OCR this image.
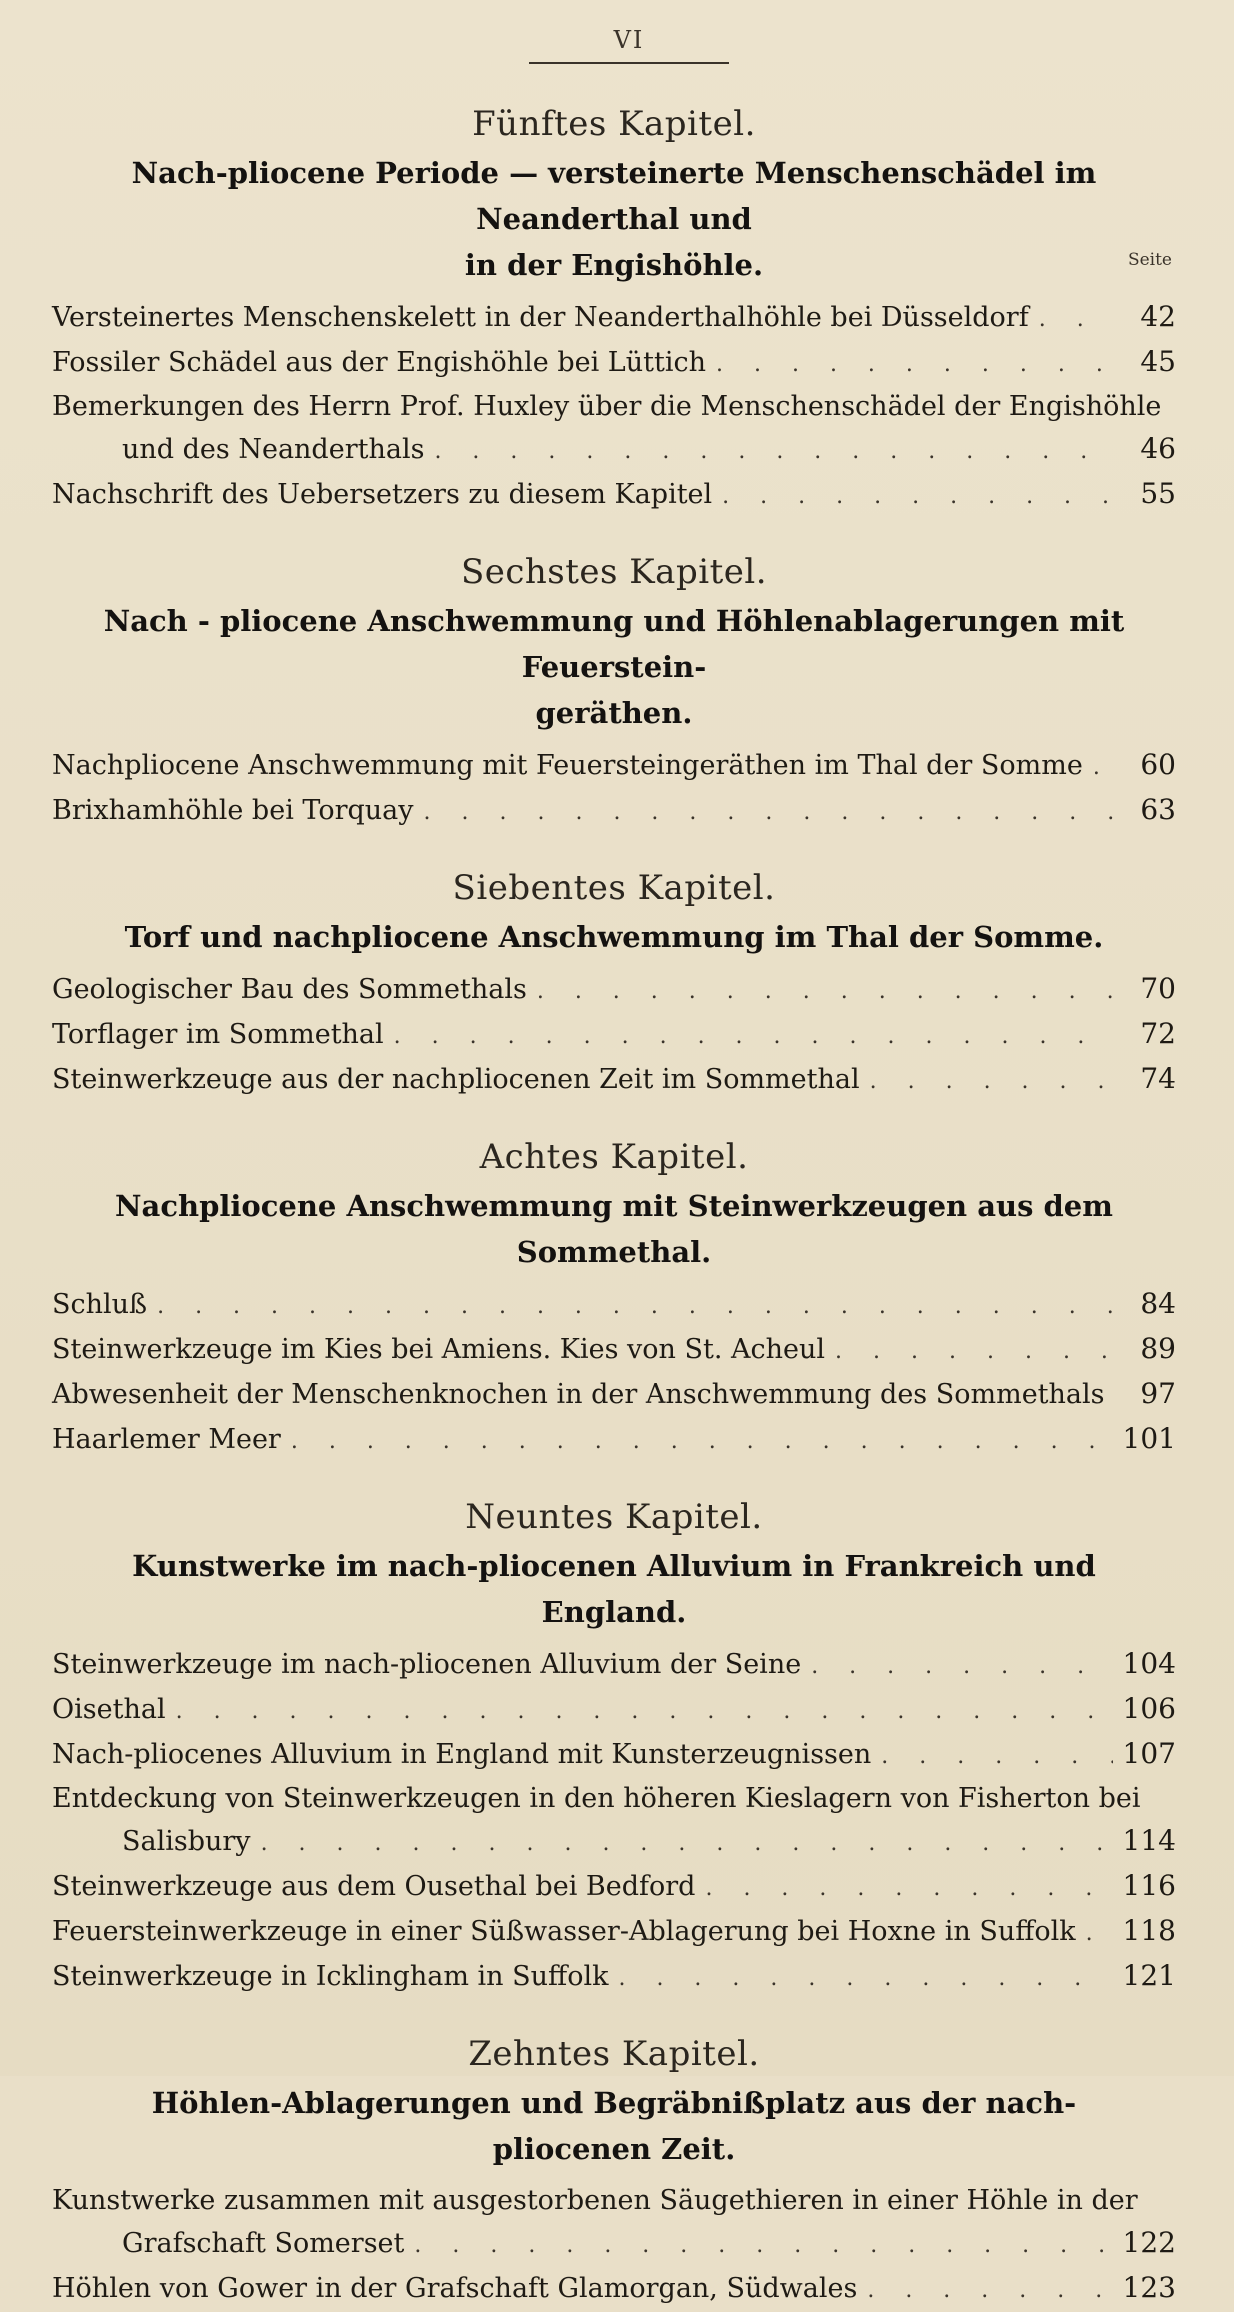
VI
Fünftes Kapitel.
Nach-pliocene Periode — versteinerte Menschenschädel im Neanderthal und
in der Engishöhle.	Seite
Versteinertes Menschenskelett in der Neanderthalhöhle bei Düsseldorf . . .	42
Fossiler Schädel aus der Engishöhle bei Lüttich . . .	45
Bemerkungen des Herrn Prof. Huxley über die Menschenschädel der Engishöhle
und des Neanderthals . . .	46
Nachschrift des Uebersetzers zu diesem Kapitel . . .	55
Sechstes Kapitel.
Nach - pliocene Anschwemmung und Höhlenablagerungen mit Feuerstein-
geräthen.
Nachpliocene Anschwemmung mit Feuersteingeräthen im Thal der Somme . . .	60
Brixhamhöhle bei Torquay . . .	63
Siebentes Kapitel.
Torf und nachpliocene Anschwemmung im Thal der Somme.
Geologischer Bau des Sommethals . . .	70
Torflager im Sommethal . . .	72
Steinwerkzeuge aus der nachpliocenen Zeit im Sommethal . . .	74
Achtes Kapitel.
Nachpliocene Anschwemmung mit Steinwerkzeugen aus dem Sommethal.
Schluß . . .	84
Steinwerkzeuge im Kies bei Amiens. Kies von St. Acheul . . .	89
Abwesenheit der Menschenknochen in der Anschwemmung des Sommethals . . .	97
Haarlemer Meer . . .	101
Neuntes Kapitel.
Kunstwerke im nach-pliocenen Alluvium in Frankreich und England.
Steinwerkzeuge im nach-pliocenen Alluvium der Seine . . .	104
Oisethal . . .	106
Nach-pliocenes Alluvium in England mit Kunsterzeugnissen . . .	107
Entdeckung von Steinwerkzeugen in den höheren Kieslagern von Fisherton bei
Salisbury . . .	114
Steinwerkzeuge aus dem Ousethal bei Bedford . . .	116
Feuersteinwerkzeuge in einer Süßwasser-Ablagerung bei Hoxne in Suffolk . . . 118
Steinwerkzeuge in Icklingham in Suffolk . . .	121
Zehntes Kapitel.
Höhlen-Ablagerungen und Begräbnißplatz aus der nach-pliocenen Zeit.
Kunstwerke zusammen mit ausgestorbenen Säugethieren in einer Höhle in der
Grafschaft Somerset . . .	122
Höhlen von Gower in der Grafschaft Glamorgan, Südwales . . .	123
